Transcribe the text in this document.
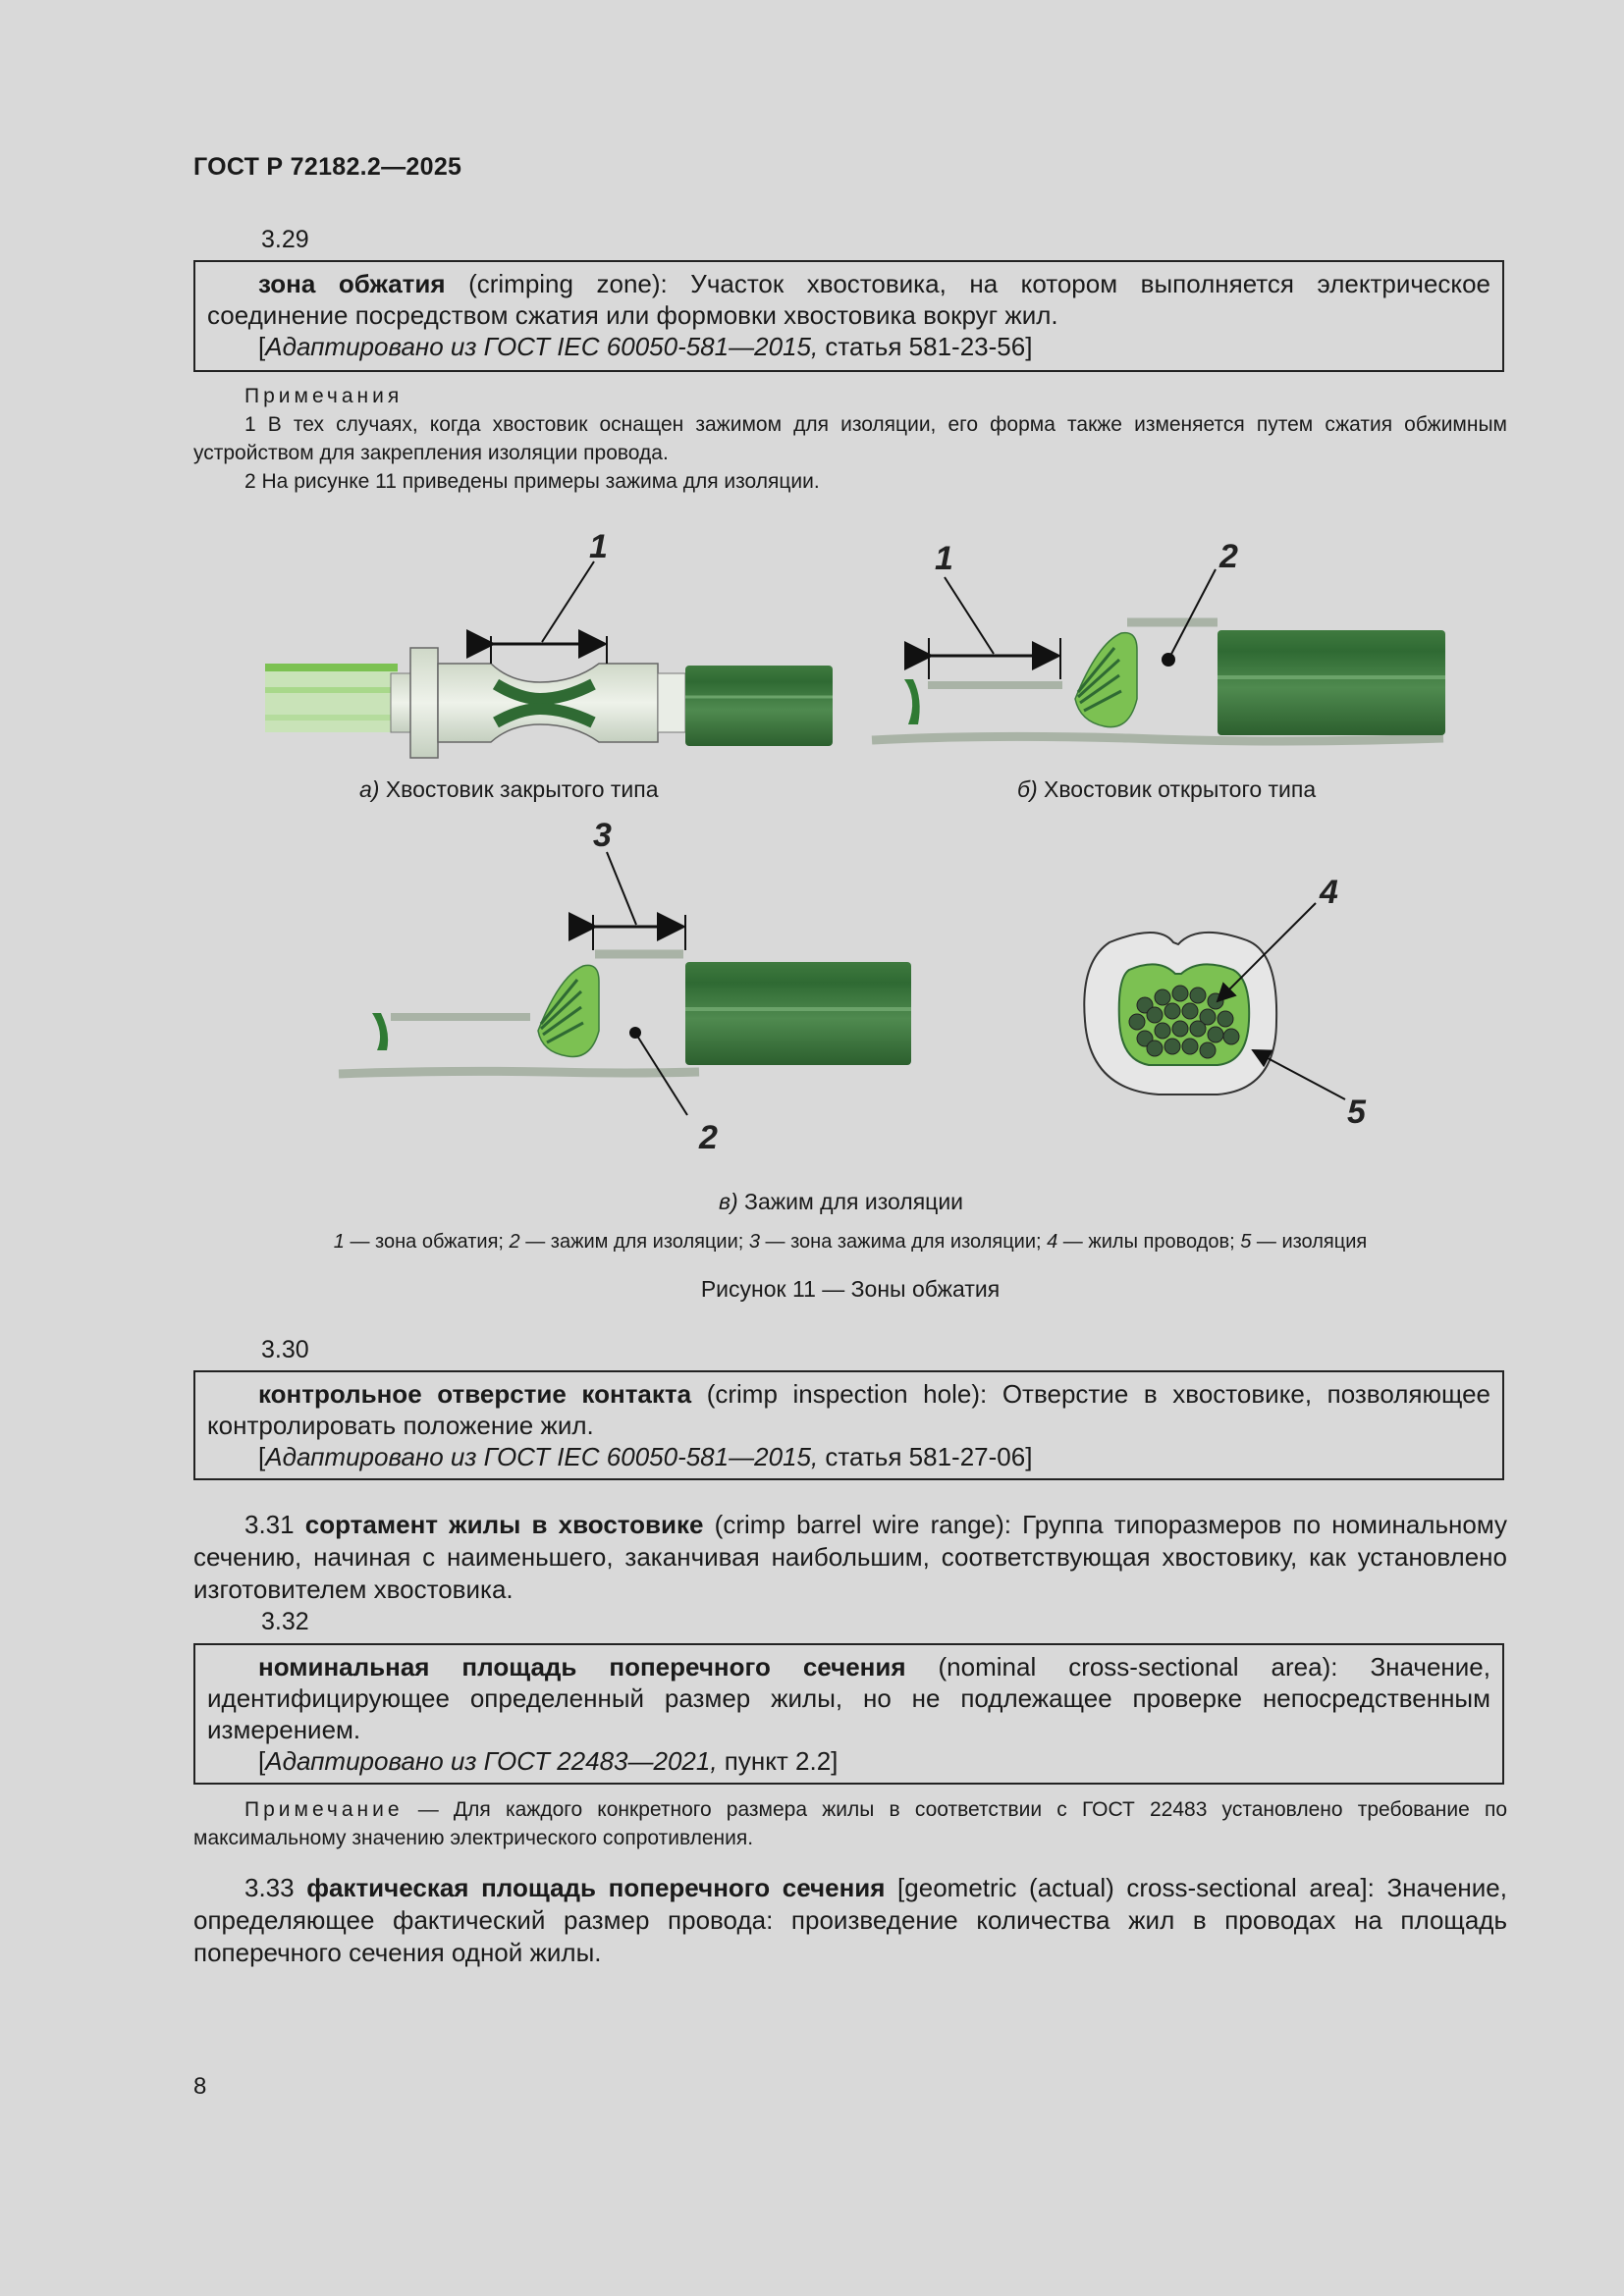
ГОСТ Р 72182.2—2025
3.29

зона обжатия (crimping zone): Участок хвостовика, на котором выполняется электрическое соединение посредством сжатия или формовки хвостовика вокруг жил.

[Адаптировано из ГОСТ IEC 60050-581—2015, статья 581-23-56]

Примечания

1 В тех случаях, когда хвостовик оснащен зажимом для изоляции, его форма также изменяется путем сжатия обжимным устройством для закрепления изоляции провода.

2 На рисунке 11 приведены примеры зажима для изоляции.

1	1	2
3
2
4
5
а) Хвостовик закрытого типа	б) Хвостовик открытого типа
в) Зажим для изоляции
1 — зона обжатия; 2 — зажим для изоляции; 3 — зона зажима для изоляции; 4 — жилы проводов; 5 — изоляция
Рисунок 11 — Зоны обжатия
3.30

контрольное отверстие контакта (crimp inspection hole): Отверстие в хвостовике, позволяющее контролировать положение жил.

[Адаптировано из ГОСТ IEC 60050-581—2015, статья 581-27-06]

3.31 сортамент жилы в хвостовике (crimp barrel wire range): Группа типоразмеров по номинальному сечению, начиная с наименьшего, заканчивая наибольшим, соответствующая хвостовику, как установлено изготовителем хвостовика.

3.32

номинальная площадь поперечного сечения (nominal cross-sectional area): Значение, идентифицирующее определенный размер жилы, но не подлежащее проверке непосредственным измерением.

[Адаптировано из ГОСТ 22483—2021, пункт 2.2]

Примечание — Для каждого конкретного размера жилы в соответствии с ГОСТ 22483 установлено требование по максимальному значению электрического сопротивления.

3.33 фактическая площадь поперечного сечения [geometric (actual) cross-sectional area]: Значение, определяющее фактический размер провода: произведение количества жил в проводах на площадь поперечного сечения одной жилы.

8
